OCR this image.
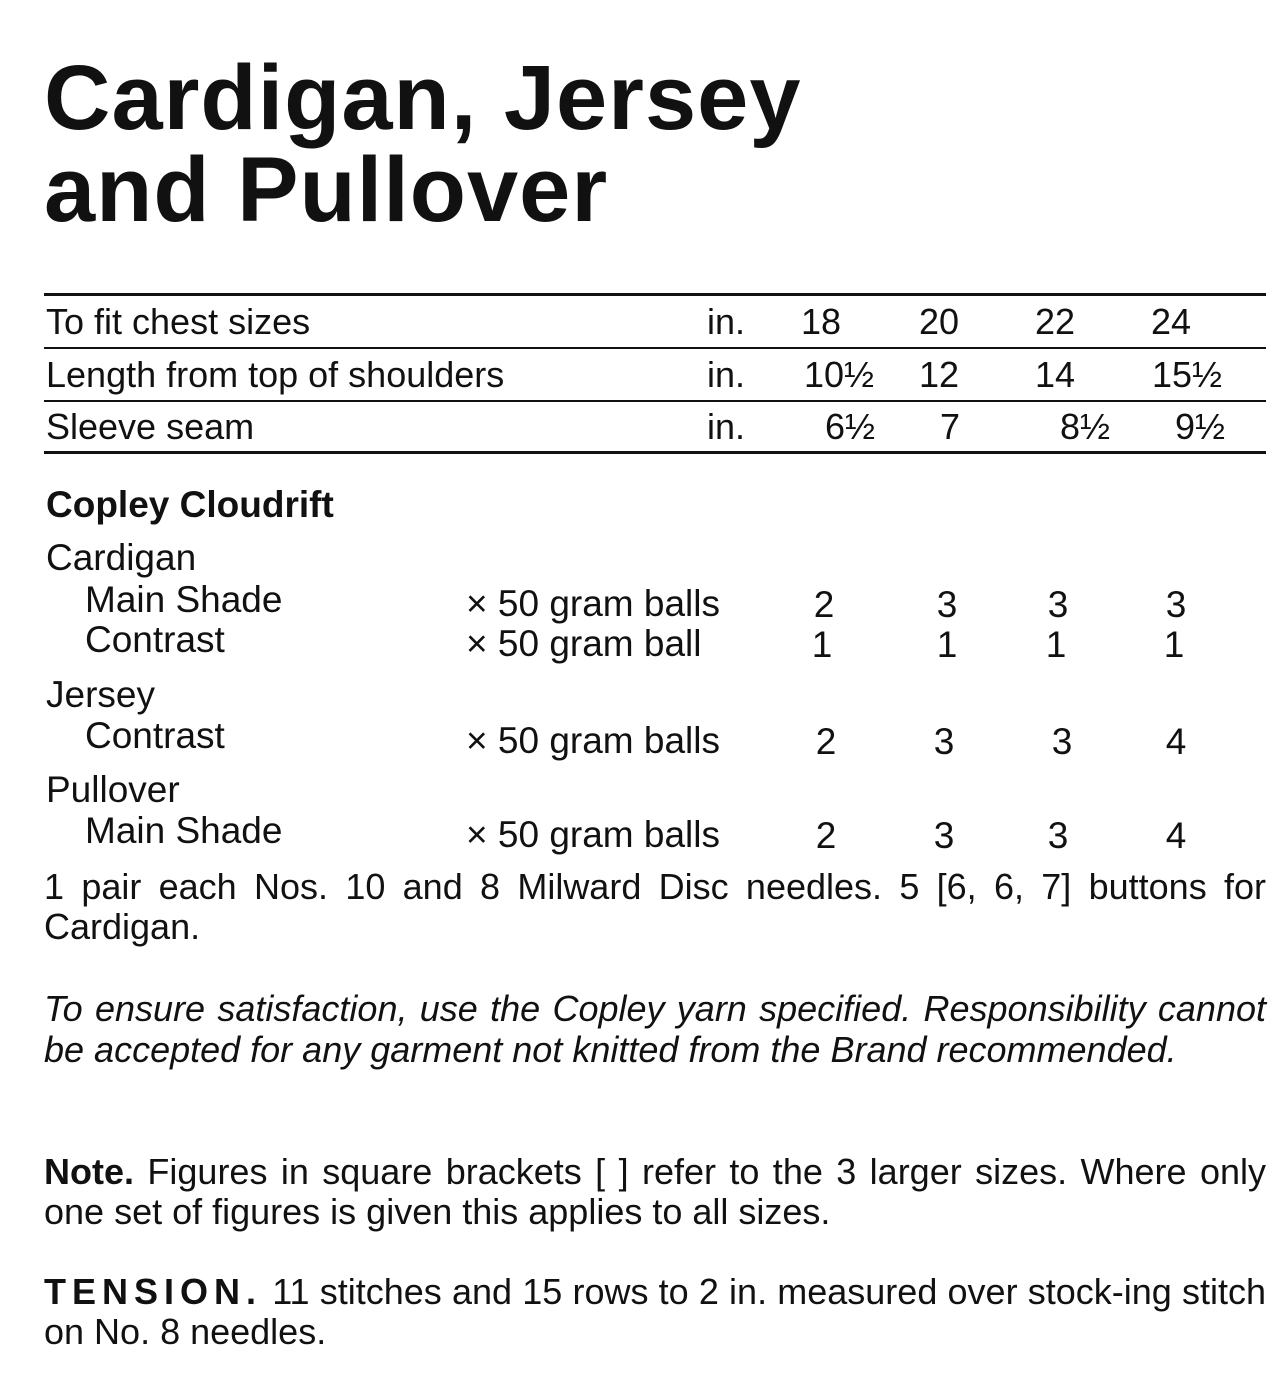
Cardigan, Jersey
and Pullover
To fit chest sizes	in.	18	20	22	24
Length from top of shoulders	in. 10½	12	14	15½
Sleeve seam	in.	6½	7	8½	9½
Copley Cloudrift
Cardigan
Main Shade	× 50 gram balls	2	3	3	3
Contrast	× 50 gram ball	1	1	1	1
Jersey
Contrast	× 50 gram balls	2	3	3	4
Pullover
Main Shade	× 50 gram balls	2	3	3	4

1 pair each Nos. 10 and 8 Milward Disc needles. 5 [6, 6, 7] buttons for Cardigan.

To ensure satisfaction, use the Copley yarn specified. Responsibility cannot be accepted for any garment not knitted from the Brand recommended.

Note. Figures in square brackets [ ] refer to the 3 larger sizes. Where only one set of figures is given this applies to all sizes.

TENSION. 11 stitches and 15 rows to 2 in. measured over stock-ing stitch on No. 8 needles.
